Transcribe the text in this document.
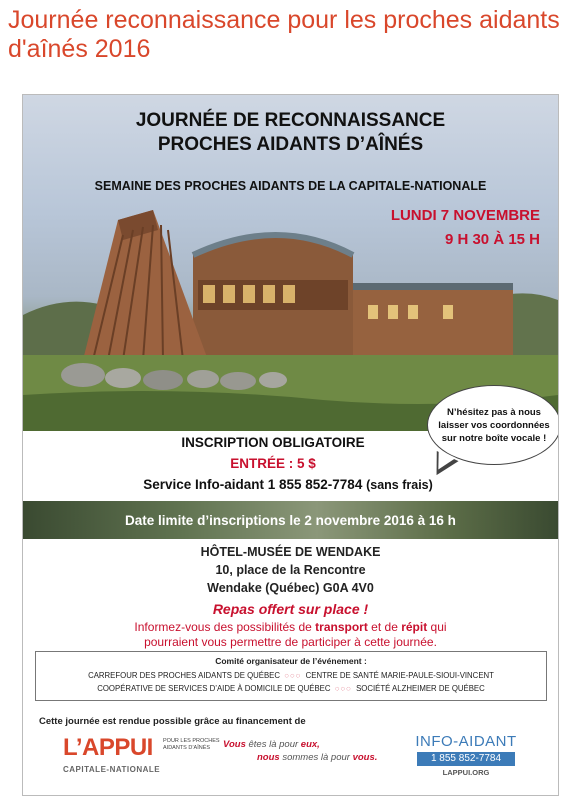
Journée reconnaissance pour les proches aidants d'aînés 2016
JOURNÉE DE RECONNAISSANCE
PROCHES AIDANTS D’AÎNÉS
SEMAINE DES PROCHES AIDANTS DE LA CAPITALE-NATIONALE
LUNDI 7 NOVEMBRE
9 H 30 À 15 H
N’hésitez pas à nous laisser vos coordonnées sur notre boîte vocale !
INSCRIPTION OBLIGATOIRE
ENTRÉE : 5 $
Service Info-aidant 1 855 852-7784 (sans frais)
Date limite d’inscriptions le 2 novembre 2016 à 16 h
HÔTEL-MUSÉE DE WENDAKE
10, place de la Rencontre
Wendake (Québec) G0A 4V0
Repas offert sur place !
Informez-vous des possibilités de transport et de répit qui
pourraient vous permettre de participer à cette journée.
Comité organisateur de l’événement :
CARREFOUR DES PROCHES AIDANTS DE QUÉBEC ◌◌◌ CENTRE DE SANTÉ MARIE-PAULE-SIOUI-VINCENT
COOPÉRATIVE DE SERVICES D’AIDE À DOMICILE DE QUÉBEC ◌◌◌ SOCIÉTÉ ALZHEIMER DE QUÉBEC
Cette journée est rendue possible grâce au financement de
L’APPUI POUR LES PROCHES AIDANTS D’AÎNÉS
CAPITALE-NATIONALE
Vous êtes là pour eux,
nous sommes là pour vous.
INFO-AIDANT
1 855 852-7784
LAPPUI.ORG
